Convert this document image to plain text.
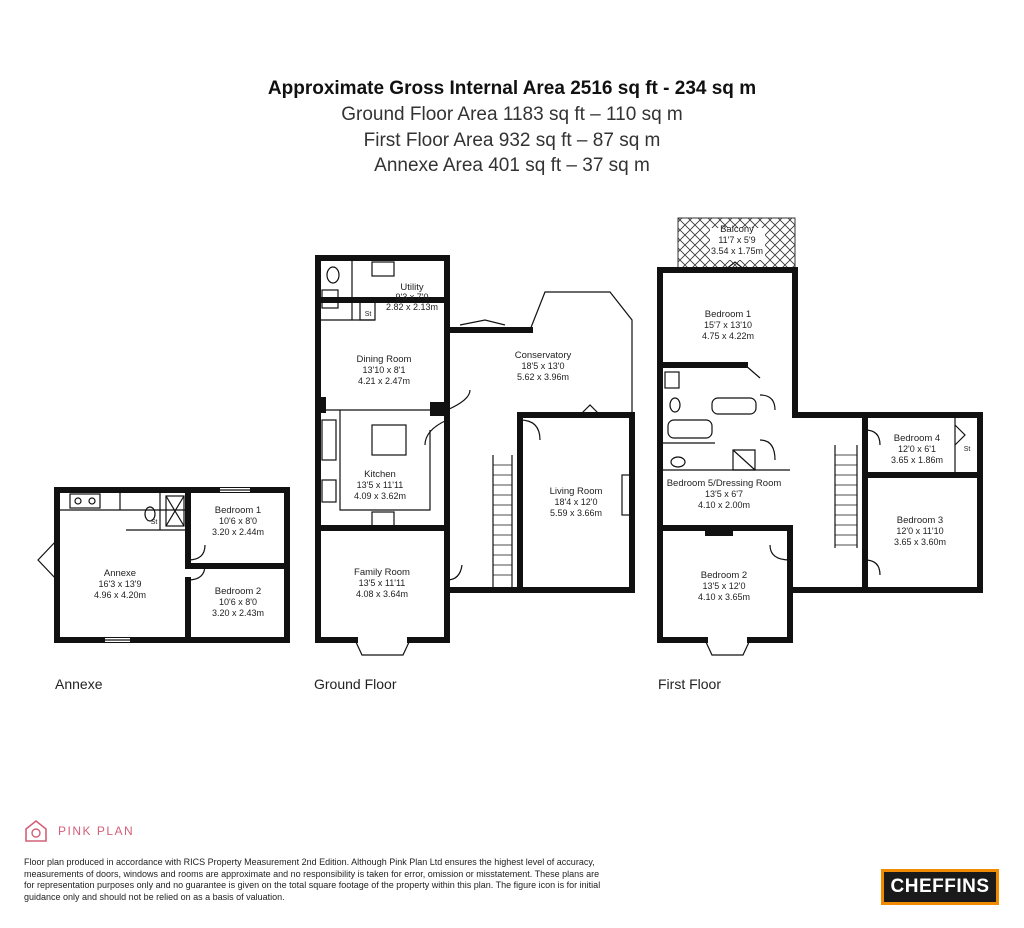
Approximate Gross Internal Area 2516 sq ft - 234 sq m
Ground Floor Area 1183 sq ft – 110 sq m
First Floor Area 932 sq ft – 87 sq m
Annexe Area 401 sq ft – 37 sq m
Annexe
16'3 x 13'9
4.96 x 4.20m
Bedroom 1
10'6 x 8'0
3.20 x 2.44m
Bedroom 2
10'6 x 8'0
3.20 x 2.43m
St
Utility
9'3 x 7'0
2.82 x 2.13m
St
Dining Room
13'10 x 8'1
4.21 x 2.47m
Kitchen
13'5 x 11'11
4.09 x 3.62m
Family Room
13'5 x 11'11
4.08 x 3.64m
Conservatory
18'5 x 13'0
5.62 x 3.96m
Living Room
18'4 x 12'0
5.59 x 3.66m
Balcony
11'7 x 5'9
3.54 x 1.75m
Bedroom 1
15'7 x 13'10
4.75 x 4.22m
Bedroom 5/Dressing Room
13'5 x 6'7
4.10 x 2.00m
Bedroom 2
13'5 x 12'0
4.10 x 3.65m
Bedroom 4
12'0 x 6'1
3.65 x 1.86m
St
Bedroom 3
12'0 x 11'10
3.65 x 3.60m
Annexe	Ground Floor	First Floor
PINK PLAN
Floor plan produced in accordance with RICS Property Measurement 2nd Edition. Although Pink Plan Ltd ensures the highest level of accuracy, measurements of doors, windows and rooms are approximate and no responsibility is taken for error, omission or misstatement. These plans are for representation purposes only and no guarantee is given on the total square footage of the property within this plan. The figure icon is for initial guidance only and should not be relied on as a basis of valuation.	CHEFFINS
